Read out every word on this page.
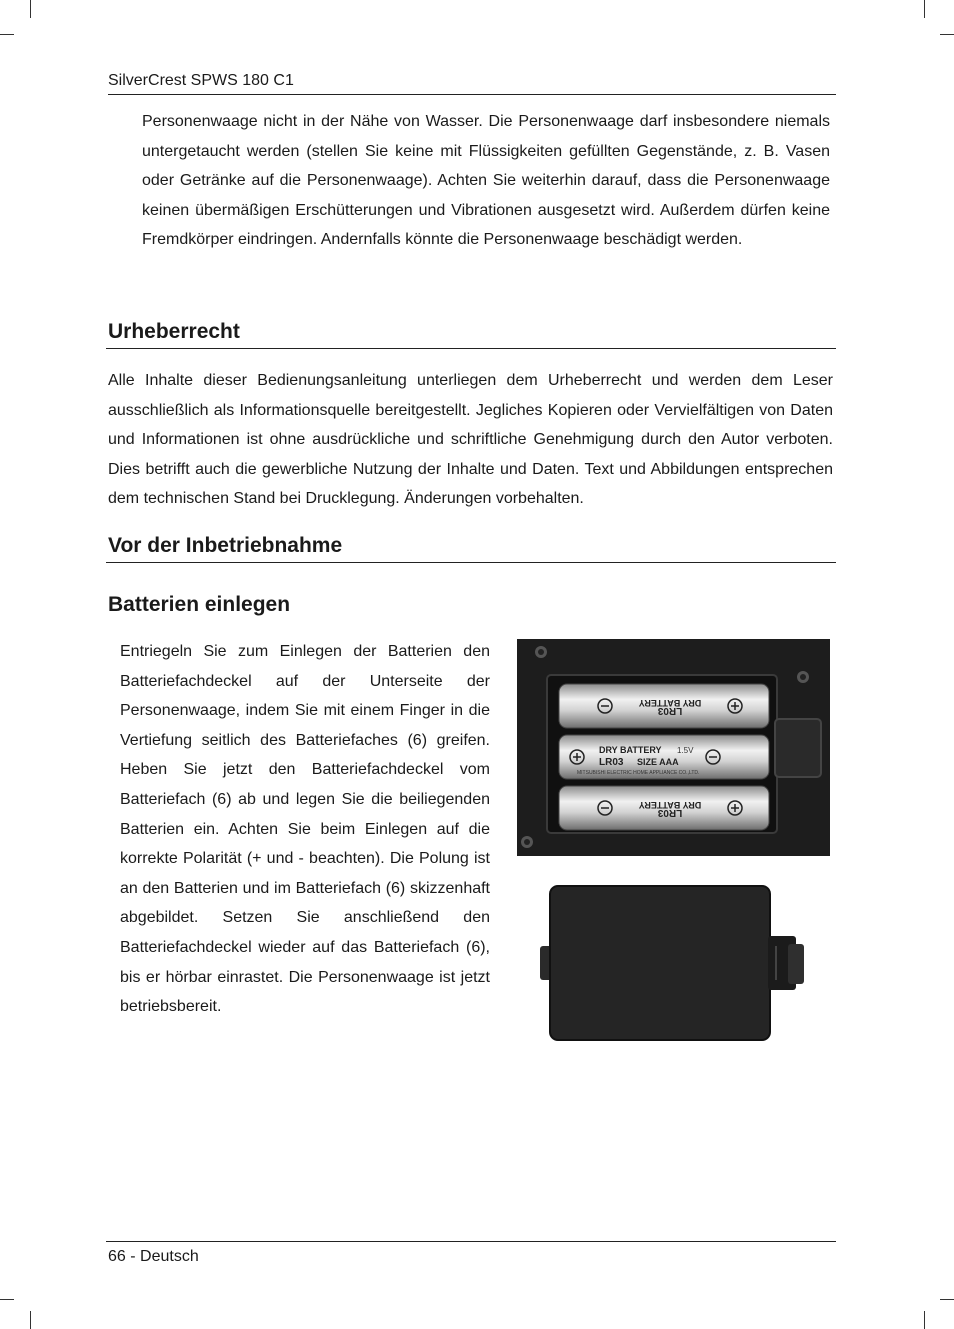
SilverCrest SPWS 180 C1

Personenwaage nicht in der Nähe von Wasser. Die Personenwaage darf insbesondere niemals untergetaucht werden (stellen Sie keine mit Flüssigkeiten gefüllten Gegenstände, z. B. Vasen oder Getränke auf die Personenwaage). Achten Sie weiterhin darauf, dass die Personenwaage keinen übermäßigen Erschütterungen und Vibrationen ausgesetzt wird. Außerdem dürfen keine Fremdkörper eindringen. Andernfalls könnte die Personenwaage beschädigt werden.

Urheberrecht

Alle Inhalte dieser Bedienungsanleitung unterliegen dem Urheberrecht und werden dem Leser ausschließlich als Informationsquelle bereitgestellt. Jegliches Kopieren oder Vervielfältigen von Daten und Informationen ist ohne ausdrückliche und schriftliche Genehmigung durch den Autor verboten. Dies betrifft auch die gewerbliche Nutzung der Inhalte und Daten. Text und Abbildungen entsprechen dem technischen Stand bei Drucklegung. Änderungen vorbehalten.

Vor der Inbetriebnahme
Batterien einlegen

Entriegeln Sie zum Einlegen der Batterien den Batteriefachdeckel auf der Unterseite der Personenwaage, indem Sie mit einem Finger in die Vertiefung seitlich des Batteriefaches (6) greifen. Heben Sie jetzt den Batteriefachdeckel vom Batteriefach (6) ab und legen Sie die beiliegenden Batterien ein. Achten Sie beim Einlegen auf die korrekte Polarität (+ und - beachten). Die Polung ist an den Batterien und im Batteriefach (6) skizzenhaft abgebildet. Setzen Sie anschließend den Batteriefachdeckel wieder auf das Batteriefach (6), bis er hörbar einrastet. Die Personenwaage ist jetzt betriebsbereit.

DRY BATTERY
LR03
DRY BATTERY 1.5V
LR03 SIZE AAA
MITSUBISHI ELECTRIC HOME APPLIANCE CO.,LTD.
DRY BATTERY
LR03
66 - Deutsch
